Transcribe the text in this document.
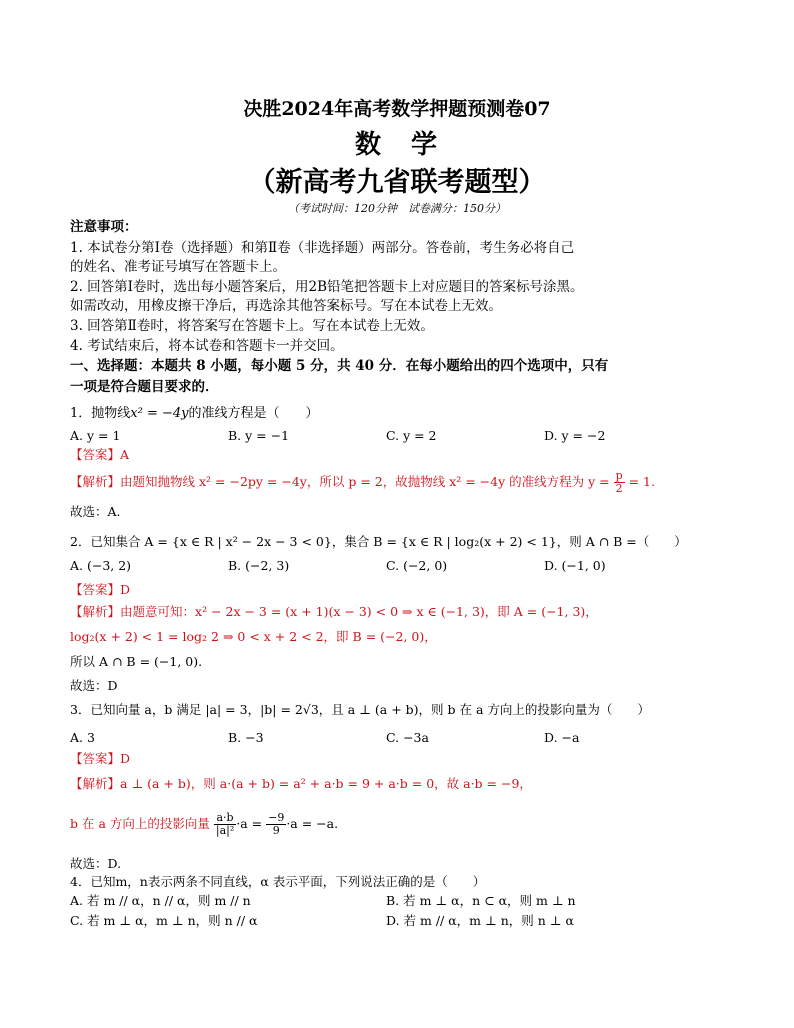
决胜2024年高考数学押题预测卷07
数　学
（新高考九省联考题型）
（考试时间：120分钟　试卷满分：150分）
注意事项：
1. 本试卷分第Ⅰ卷（选择题）和第Ⅱ卷（非选择题）两部分。答卷前，考生务必将自己
的姓名、准考证号填写在答题卡上。
2. 回答第Ⅰ卷时，选出每小题答案后，用2B铅笔把答题卡上对应题目的答案标号涂黑。
如需改动，用橡皮擦干净后，再选涂其他答案标号。写在本试卷上无效。
3. 回答第Ⅱ卷时，将答案写在答题卡上。写在本试卷上无效。
4. 考试结束后，将本试卷和答题卡一并交回。
一、选择题：本题共 8 小题，每小题 5 分，共 40 分．在每小题给出的四个选项中，只有
一项是符合题目要求的．
1．抛物线x² = −4y的准线方程是（　　）
A. y = 1	B. y = −1	C. y = 2	D. y = −2
【答案】A
【解析】由题知抛物线 x² = −2py = −4y，所以 p = 2，故抛物线 x² = −4y 的准线方程为 $y = \frac{p}{2} = 1$.
故选：A.
2．已知集合 A = {x ∈ R | x² − 2x − 3 < 0}，集合 B = {x ∈ R | log₂(x + 2) < 1}，则 A ∩ B =（　　）
A. (−3, 2)	B. (−2, 3)	C. (−2, 0)	D. (−1, 0)
【答案】D
【解析】由题意可知：x² − 2x − 3 = (x + 1)(x − 3) < 0 ⇒ x ∈ (−1, 3)，即 A = (−1, 3)，
log₂(x + 2) < 1 = log₂ 2 ⇒ 0 < x + 2 < 2，即 B = (−2, 0)，
所以 A ∩ B = (−1, 0).
故选：D
3．已知向量 a，b 满足 |a| = 3，|b| = 2√3，且 a ⊥ (a + b)，则 b 在 a 方向上的投影向量为（　　）
A. 3	B. −3	C. −3a	D. −a
【答案】D
【解析】a ⊥ (a + b)，则 a·(a + b) = a² + a·b = 9 + a·b = 0，故 a·b = −9，
b 在 a 方向上的投影向量 $\frac{a\cdot b}{\text{|a|²}} \cdot a = \frac{-9}{9} \cdot a = -a$.
故选：D.
4．已知m，n表示两条不同直线，α 表示平面，下列说法正确的是（　　）
A. 若 m // α，n // α，则 m // n	B. 若 m ⊥ α，n ⊂ α，则 m ⊥ n
C. 若 m ⊥ α，m ⊥ n，则 n // α	D. 若 m // α，m ⊥ n，则 n ⊥ α
